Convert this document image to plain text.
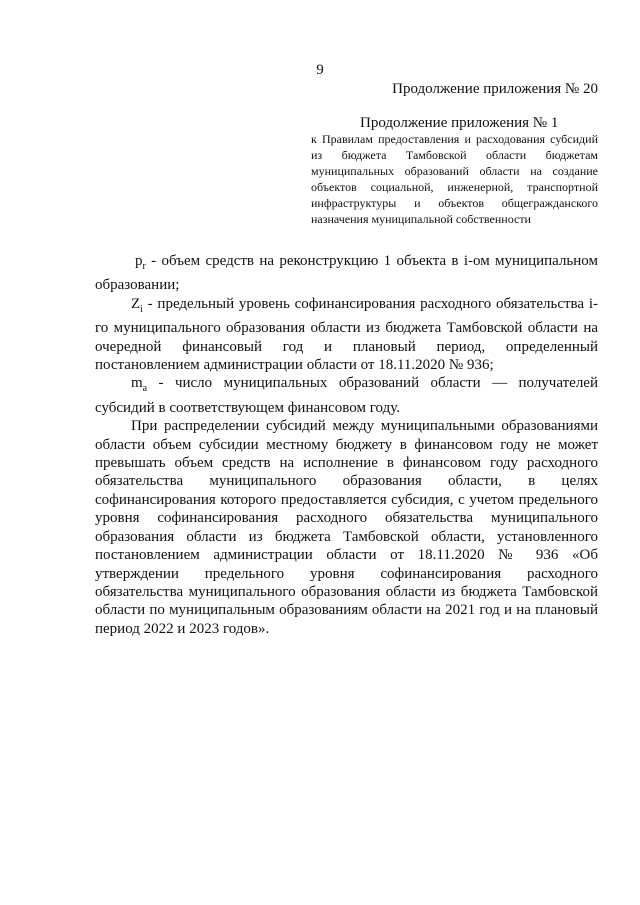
9
Продолжение приложения № 20
Продолжение приложения № 1
к Правилам предоставления и расходования субсидий из бюджета Тамбовской области бюджетам муниципальных образований области на создание объектов социальной, инженерной, транспортной инфраструктуры и объектов общегражданского назначения муниципальной собственности

$p_r$ - объем средств на реконструкцию 1 объекта в i-ом муниципальном образовании;

$Z_i$ - предельный уровень софинансирования расходного обязательства i-го муниципального образования области из бюджета Тамбовской области на очередной финансовый год и плановый период, определенный постановлением администрации области от 18.11.2020 № 936;

$m_a$ - число муниципальных образований области — получателей субсидий в соответствующем финансовом году.

При распределении субсидий между муниципальными образованиями области объем субсидии местному бюджету в финансовом году не может превышать объем средств на исполнение в финансовом году расходного обязательства муниципального образования области, в целях софинансирования которого предоставляется субсидия, с учетом предельного уровня софинансирования расходного обязательства муниципального образования области из бюджета Тамбовской области, установленного постановлением администрации области от 18.11.2020 № 936 «Об утверждении предельного уровня софинансирования расходного обязательства муниципального образования области из бюджета Тамбовской области по муниципальным образованиям области на 2021 год и на плановый период 2022 и 2023 годов».
